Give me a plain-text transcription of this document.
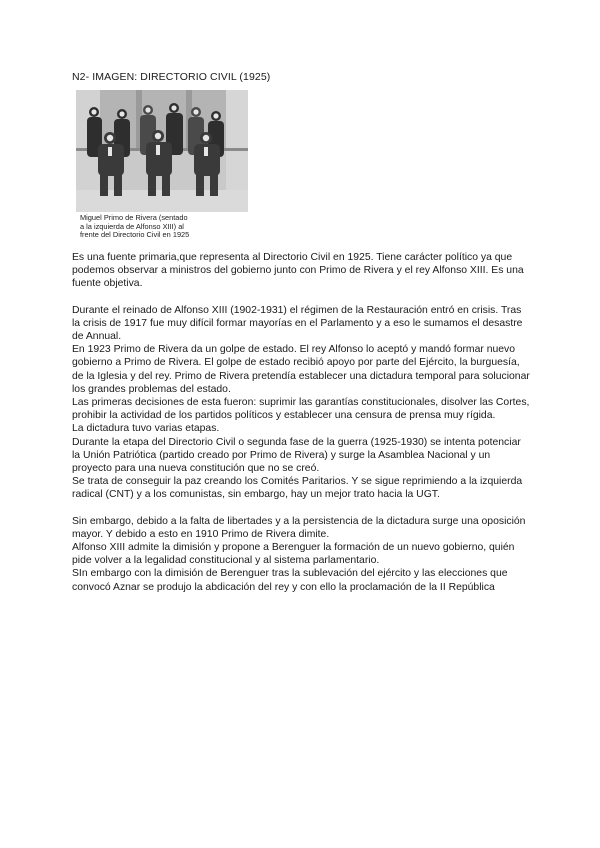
N2- IMAGEN: DIRECTORIO CIVIL (1925)
Miguel Primo de Rivera (sentado
a la izquierda de Alfonso XIII) al
frente del Directorio Civil en 1925

Es una fuente primaria,que representa al Directorio Civil en 1925. Tiene carácter político ya que podemos observar a ministros del gobierno junto con Primo de Rivera y el rey Alfonso XIII. Es una fuente objetiva.

Durante el reinado de Alfonso XIII (1902-1931) el régimen de la Restauración entró en crisis. Tras la crisis de 1917 fue muy difícil formar mayorías en el Parlamento y a eso le sumamos el desastre de Annual.

En 1923 Primo de Rivera da un golpe de estado. El rey Alfonso lo aceptó y mandó formar nuevo gobierno a Primo de Rivera. El golpe de estado recibió apoyo por parte del Ejército, la burguesía, de la Iglesia y del rey. Primo de Rivera pretendía establecer una dictadura temporal para solucionar los grandes problemas del estado.

Las primeras decisiones de esta fueron: suprimir las garantías constitucionales, disolver las Cortes, prohibir la actividad de los partidos políticos y establecer una censura de prensa muy rígida.

La dictadura tuvo varias etapas.

Durante la etapa del Directorio Civil o segunda fase de la guerra (1925-1930) se intenta potenciar la Unión Patriótica (partido creado por Primo de Rivera) y surge la Asamblea Nacional y un proyecto para una nueva constitución que no se creó.

Se trata de conseguir la paz creando los Comités Paritarios. Y se sigue reprimiendo a la izquierda radical (CNT) y a los comunistas, sin embargo, hay un mejor trato hacia la UGT.

Sin embargo, debido a la falta de libertades y a la persistencia de la dictadura surge una oposición mayor. Y debido a esto en 1910 Primo de Rivera dimite.

Alfonso XIII admite la dimisión y propone a Berenguer la formación de un nuevo gobierno, quién pide volver a la legalidad constitucional y al sistema parlamentario.

SIn embargo con la dimisión de Berenguer tras la sublevación del ejército y las elecciones que convocó Aznar se produjo la abdicación del rey y con ello la proclamación de la II República
